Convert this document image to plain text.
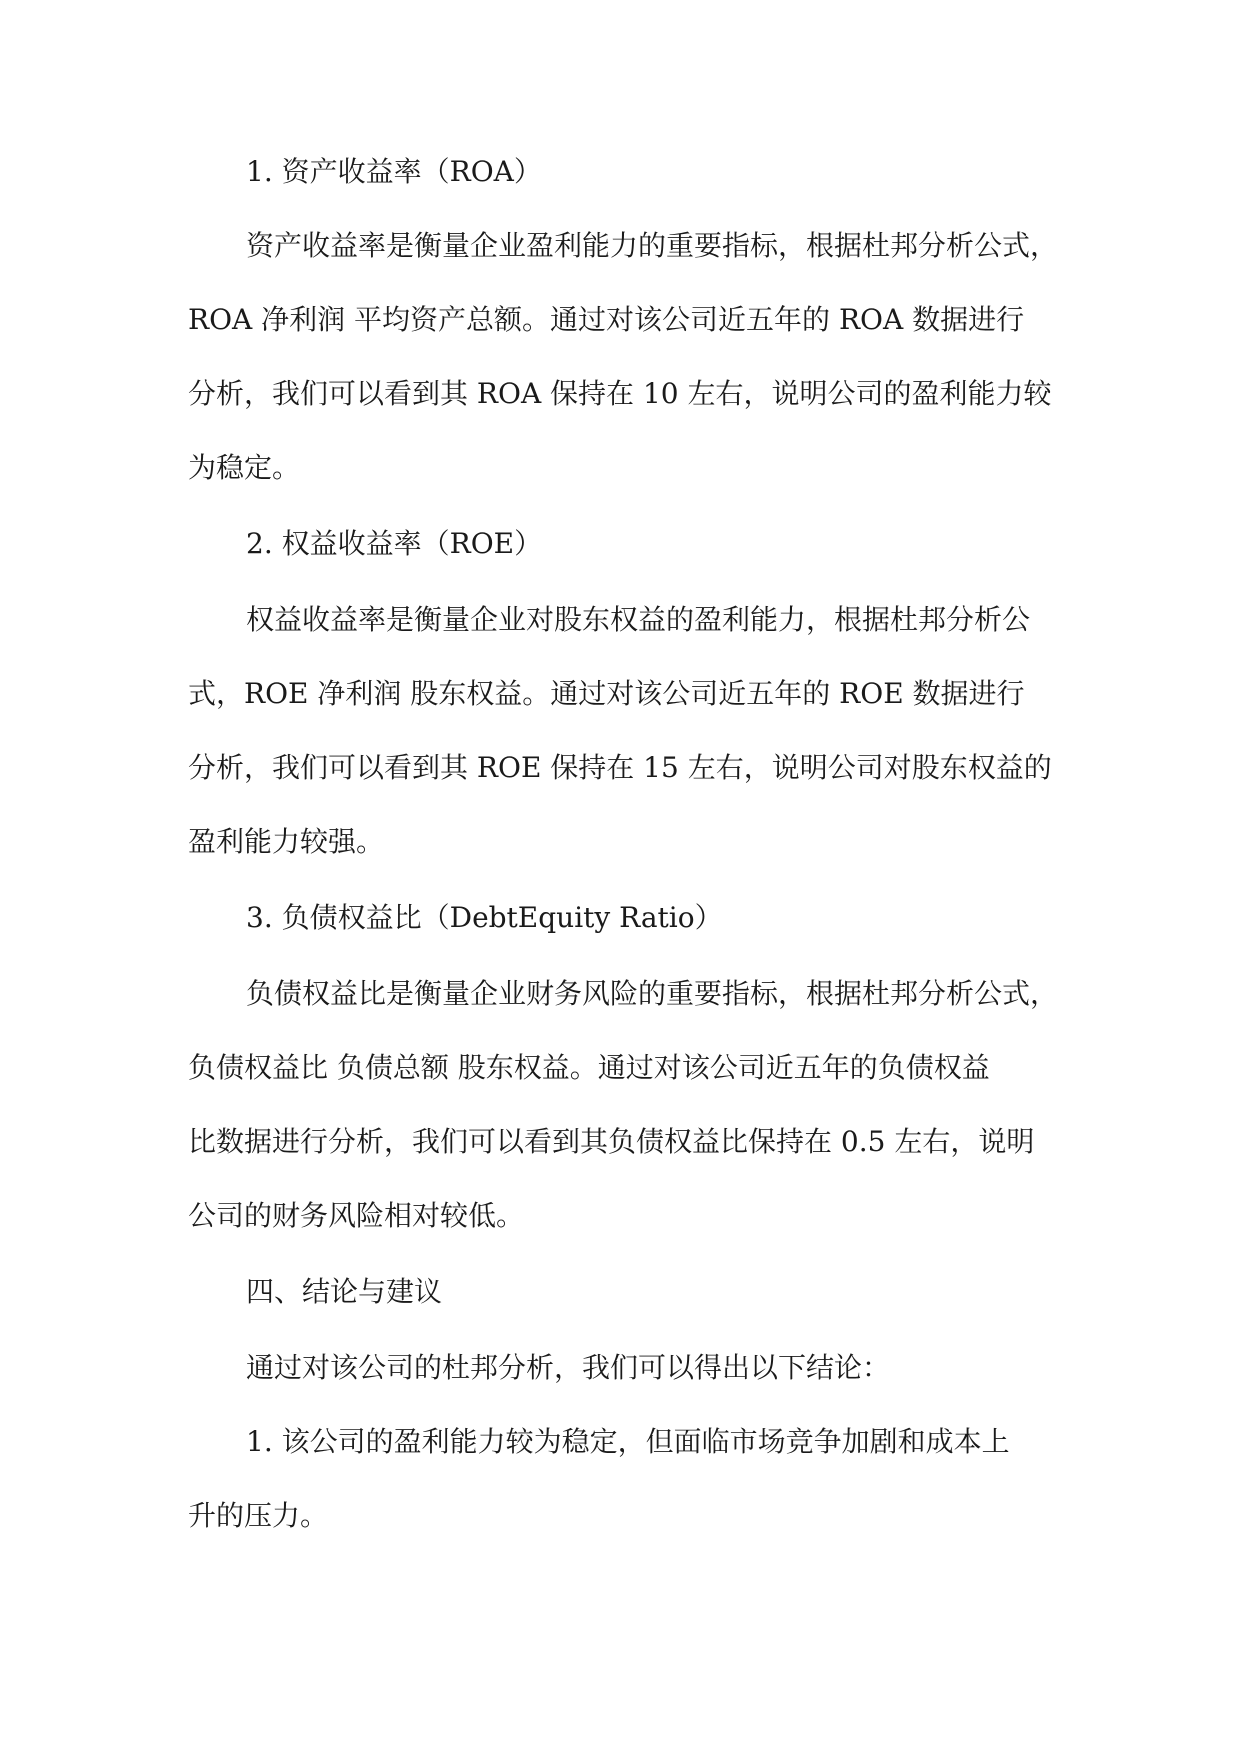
1. 资产收益率（ROA）
资产收益率是衡量企业盈利能力的重要指标，根据杜邦分析公式，
ROA 净利润 平均资产总额。通过对该公司近五年的 ROA 数据进行
分析，我们可以看到其 ROA 保持在 10 左右，说明公司的盈利能力较
为稳定。
2. 权益收益率（ROE）
权益收益率是衡量企业对股东权益的盈利能力，根据杜邦分析公
式，ROE 净利润 股东权益。通过对该公司近五年的 ROE 数据进行
分析，我们可以看到其 ROE 保持在 15 左右，说明公司对股东权益的
盈利能力较强。
3. 负债权益比（DebtEquity Ratio）
负债权益比是衡量企业财务风险的重要指标，根据杜邦分析公式，
负债权益比 负债总额 股东权益。通过对该公司近五年的负债权益
比数据进行分析，我们可以看到其负债权益比保持在 0.5 左右，说明
公司的财务风险相对较低。
四、结论与建议
通过对该公司的杜邦分析，我们可以得出以下结论：
1. 该公司的盈利能力较为稳定，但面临市场竞争加剧和成本上
升的压力。
